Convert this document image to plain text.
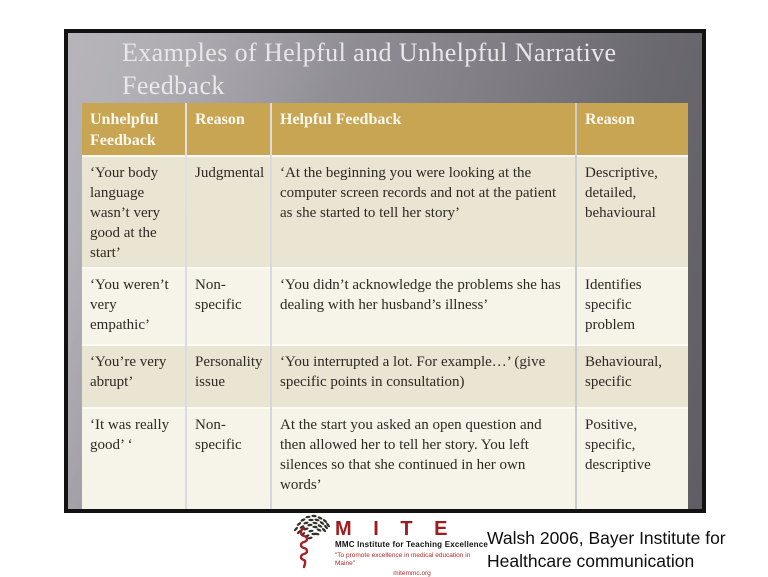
Examples of Helpful and Unhelpful Narrative Feedback
Unhelpful Feedback	Reason	Helpful Feedback	Reason
‘Your body language wasn’t very good at the start’	Judgmental	‘At the beginning you were looking at the computer screen records and not at the patient as she started to tell her story’	Descriptive, detailed, behavioural
‘You weren’t very empathic’	Non-specific	‘You didn’t acknowledge the problems she has dealing with her husband’s illness’	Identifies specific problem
‘You’re very abrupt’	Personality issue	‘You interrupted a lot. For example…’ (give specific points in consultation)	Behavioural, specific
‘It was really good’ ‘	Non-specific	At the start you asked an open question and then allowed her to tell her story. You left silences so that she continued in her own words’	Positive, specific, descriptive
M I T E
MMC Institute for Teaching Excellence
"To promote excellence in medical education in Maine"
mitemmc.org
Walsh 2006, Bayer Institute for Healthcare communication
